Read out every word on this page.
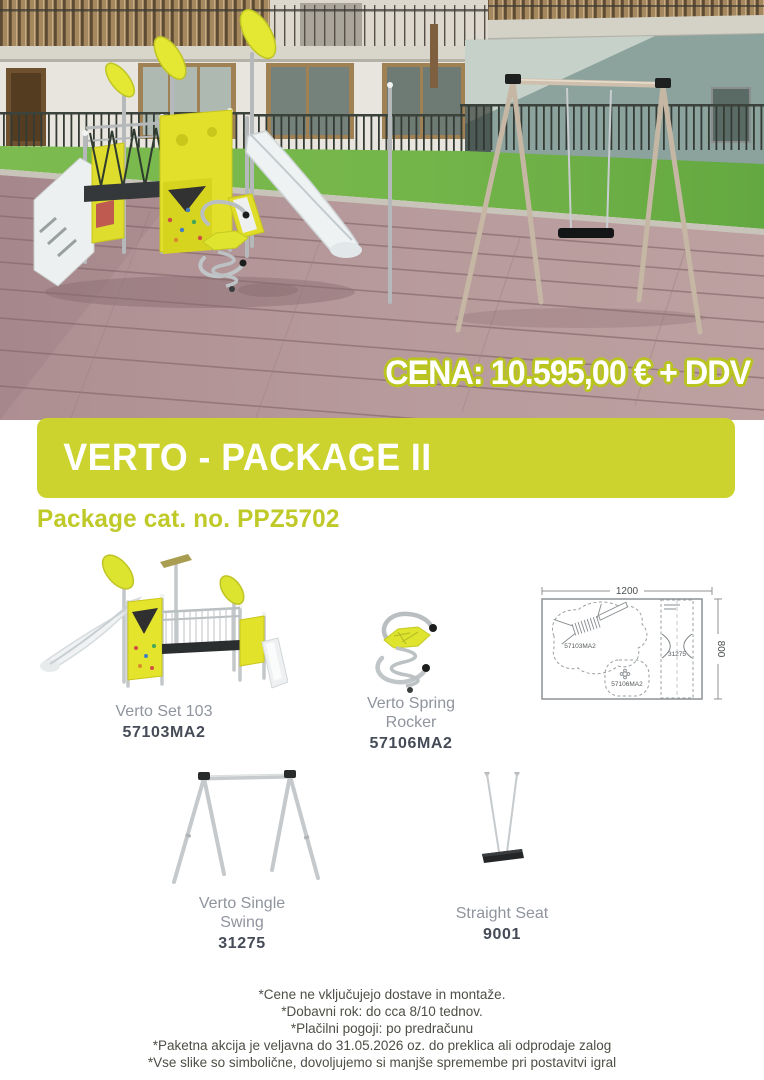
CENA: 10.595,00 € + DDV
VERTO - PACKAGE II

Package cat. no. PPZ5702

1200
800
57103MA2
57106MA2
31275

Verto Set 103

57103MA2

Verto Spring Rocker

57106MA2

Verto Single Swing

31275

Straight Seat

9001

*Cene ne vključujejo dostave in montaže.

*Dobavni rok: do cca 8/10 tednov.

*Plačilni pogoji: po predračunu

*Paketna akcija je veljavna do 31.05.2026 oz. do preklica ali odprodaje zalog

*Vse slike so simbolične, dovoljujemo si manjše spremembe pri postavitvi igral
